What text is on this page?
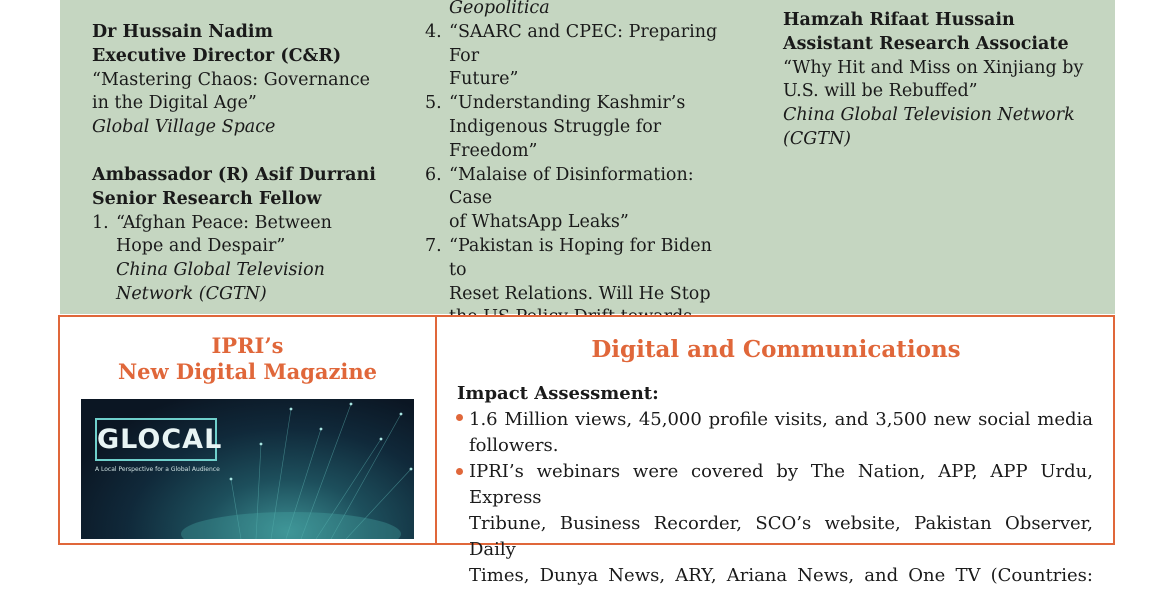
Dr Hussain Nadim
Executive Director (C&R)
“Mastering Chaos: Governance
in the Digital Age”
Global Village Space
Ambassador (R) Asif Durrani
Senior Research Fellow
1. “Afghan Peace: Between
Hope and Despair”
China Global Television
Network (CGTN)
Geopolitica
4. “SAARC and CPEC: Preparing For
Future”
5. “Understanding Kashmir’s
Indigenous Struggle for
Freedom”
6. “Malaise of Disinformation: Case
of WhatsApp Leaks”
7. “Pakistan is Hoping for Biden to
Reset Relations. Will He Stop
Hamzah Rifaat Hussain
Assistant Research Associate
“Why Hit and Miss on Xinjiang by
U.S. will be Rebuffed”
China Global Television Network
(CGTN)
IPRI’s
New Digital Magazine
GLOCAL
A Local Perspective for a Global Audience
Digital and Communications
Impact Assessment:
1.6 Million views, 45,000 profile visits, and 3,500 new social media
followers.
IPRI’s webinars were covered by The Nation, APP, APP Urdu, Express
Tribune, Business Recorder, SCO’s website, Pakistan Observer, Daily
Times, Dunya News, ARY, Ariana News, and One TV (Countries:
